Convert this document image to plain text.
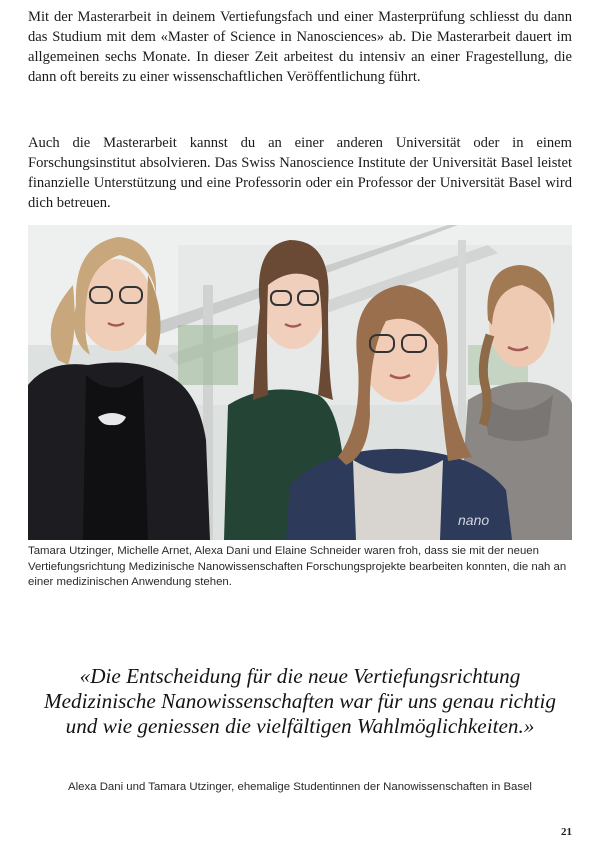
Mit der Masterarbeit in deinem Vertiefungsfach und einer Masterprüfung schliesst du dann das Studium mit dem «Master of Science in Nanosciences» ab. Die Masterarbeit dauert im allgemeinen sechs Monate. In dieser Zeit arbeitest du intensiv an einer Fragestellung, die dann oft bereits zu einer wissenschaftlichen Veröffentlichung führt.

Auch die Masterarbeit kannst du an einer anderen Universität oder in einem Forschungsinstitut absolvieren. Das Swiss Nanoscience Institute der Universität Basel leistet finanzielle Unterstützung und eine Professorin oder ein Professor der Universität Basel wird dich betreuen.

nano

Tamara Utzinger, Michelle Arnet, Alexa Dani und Elaine Schneider waren froh, dass sie mit der neuen Vertiefungsrichtung Medizinische Nanowissenschaften Forschungsprojekte bearbeiten konnten, die nah an einer medizinischen Anwendung stehen.

«Die Entscheidung für die neue Vertiefungsrichtung Medizinische Nanowissenschaften war für uns genau richtig und wie geniessen die vielfältigen Wahlmöglichkeiten.»

Alexa Dani und Tamara Utzinger, ehemalige Studentinnen der Nanowissenschaften in Basel

21
